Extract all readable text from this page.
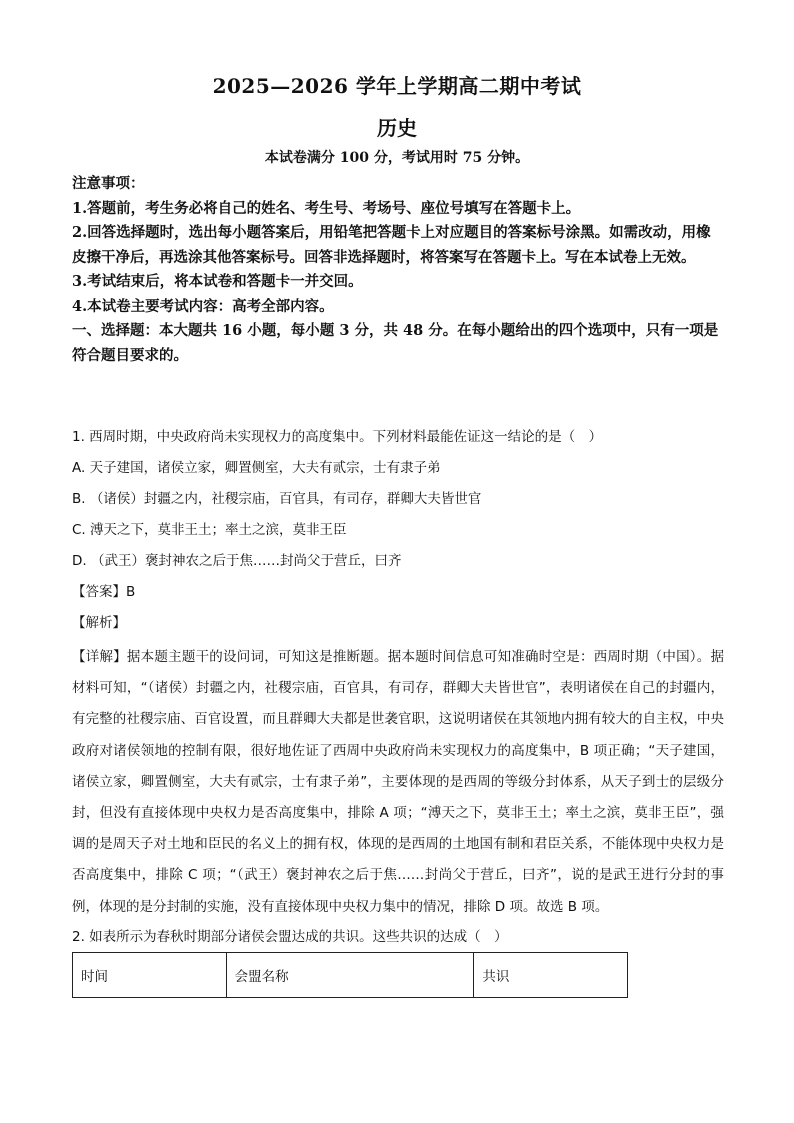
2025—2026 学年上学期高二期中考试
历史
本试卷满分 100 分，考试用时 75 分钟。
注意事项：
1.答题前，考生务必将自己的姓名、考生号、考场号、座位号填写在答题卡上。
2.回答选择题时，选出每小题答案后，用铅笔把答题卡上对应题目的答案标号涂黑。如需改动，用橡皮擦干净后，再选涂其他答案标号。回答非选择题时，将答案写在答题卡上。写在本试卷上无效。
3.考试结束后，将本试卷和答题卡一并交回。
4.本试卷主要考试内容：高考全部内容。
一、选择题：本大题共 16 小题，每小题 3 分，共 48 分。在每小题给出的四个选项中，只有一项是符合题目要求的。
1. 西周时期，中央政府尚未实现权力的高度集中。下列材料最能佐证这一结论的是（　）
A. 天子建国，诸侯立家，卿置侧室，大夫有贰宗，士有隶子弟
B. （诸侯）封疆之内，社稷宗庙，百官具，有司存，群卿大夫皆世官
C. 溥天之下，莫非王土；率土之滨，莫非王臣
D. （武王）褒封神农之后于焦……封尚父于营丘，曰齐
【答案】B
【解析】
【详解】据本题主题干的设问词，可知这是推断题。据本题时间信息可知准确时空是：西周时期（中国）。据材料可知，“（诸侯）封疆之内，社稷宗庙，百官具，有司存，群卿大夫皆世官”，表明诸侯在自己的封疆内，有完整的社稷宗庙、百官设置，而且群卿大夫都是世袭官职，这说明诸侯在其领地内拥有较大的自主权，中央政府对诸侯领地的控制有限，很好地佐证了西周中央政府尚未实现权力的高度集中，B 项正确；“天子建国，诸侯立家，卿置侧室，大夫有贰宗，士有隶子弟”，主要体现的是西周的等级分封体系，从天子到士的层级分封，但没有直接体现中央权力是否高度集中，排除 A 项；“溥天之下，莫非王土；率土之滨，莫非王臣”，强调的是周天子对土地和臣民的名义上的拥有权，体现的是西周的土地国有制和君臣关系，不能体现中央权力是否高度集中，排除 C 项；“（武王）褒封神农之后于焦……封尚父于营丘，曰齐”，说的是武王进行分封的事例，体现的是分封制的实施，没有直接体现中央权力集中的情况，排除 D 项。故选 B 项。
2. 如表所示为春秋时期部分诸侯会盟达成的共识。这些共识的达成（　）
时间	会盟名称	共识
